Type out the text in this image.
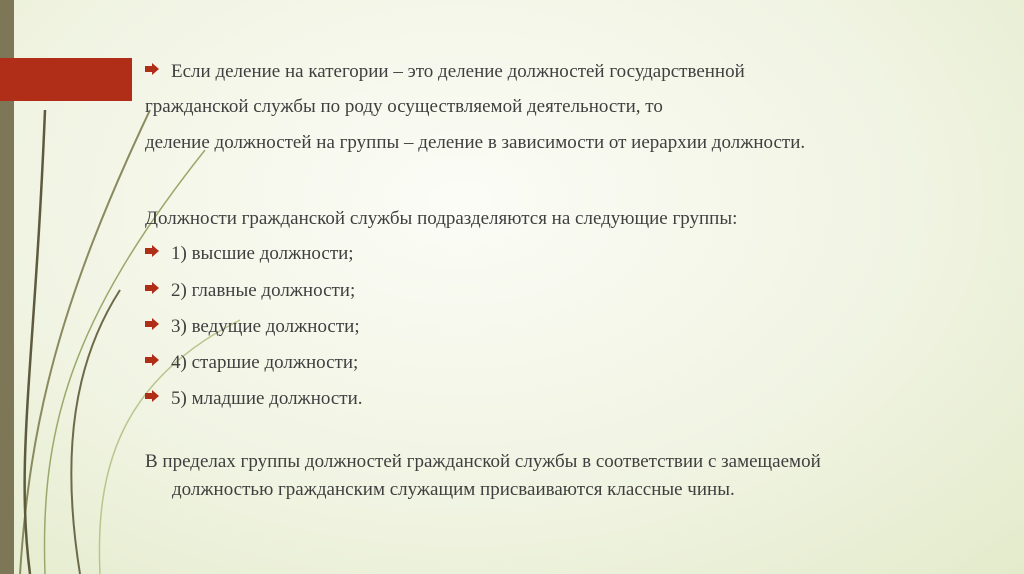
Если деление на категории – это деление должностей государственной
гражданской службы по роду осуществляемой деятельности, то
деление должностей на группы – деление в зависимости от иерархии должности.
Должности гражданской службы подразделяются на следующие группы:
1) высшие должности;
2) главные должности;
3) ведущие должности;
4) старшие должности;
5) младшие должности.
В пределах группы должностей гражданской службы в соответствии с замещаемой
должностью гражданским служащим присваиваются классные чины.
